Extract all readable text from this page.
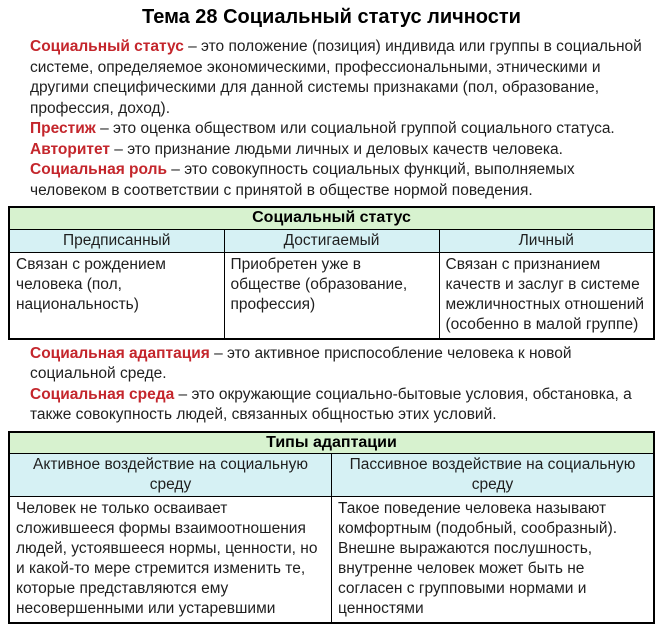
Тема 28 Социальный статус личности

Социальный статус – это положение (позиция) индивида или группы в социальной системе, определяемое экономическими, профессиональными, этническими и другими специфическими для данной системы признаками (пол, образование, профессия, доход).

Престиж – это оценка обществом или социальной группой социального статуса.

Авторитет – это признание людьми личных и деловых качеств человека.

Социальная роль – это совокупность социальных функций, выполняемых человеком в соответствии с принятой в обществе нормой поведения.

Социальный статус		
Предписанный	Достигаемый	Личный
Связан с рождением человека (пол, национальность)	Приобретен уже в обществе (образование, профессия)	Связан с признанием качеств и заслуг в системе межличностных отношений (особенно в малой группе)

Социальная адаптация – это активное приспособление человека к новой социальной среде.

Социальная среда – это окружающие социально-бытовые условия, обстановка, а также совокупность людей, связанных общностью этих условий.

Типы адаптации	
Активное воздействие на социальную среду	Пассивное воздействие на социальную среду
Человек не только осваивает сложившееся формы взаимоотношения людей, устоявшееся нормы, ценности, но и какой-то мере стремится изменить те, которые представляются ему несовершенными или устаревшими	Такое поведение человека называют комфортным (подобный, сообразный). Внешне выражаются послушность, внутренне человек может быть не согласен с групповыми нормами и ценностями
